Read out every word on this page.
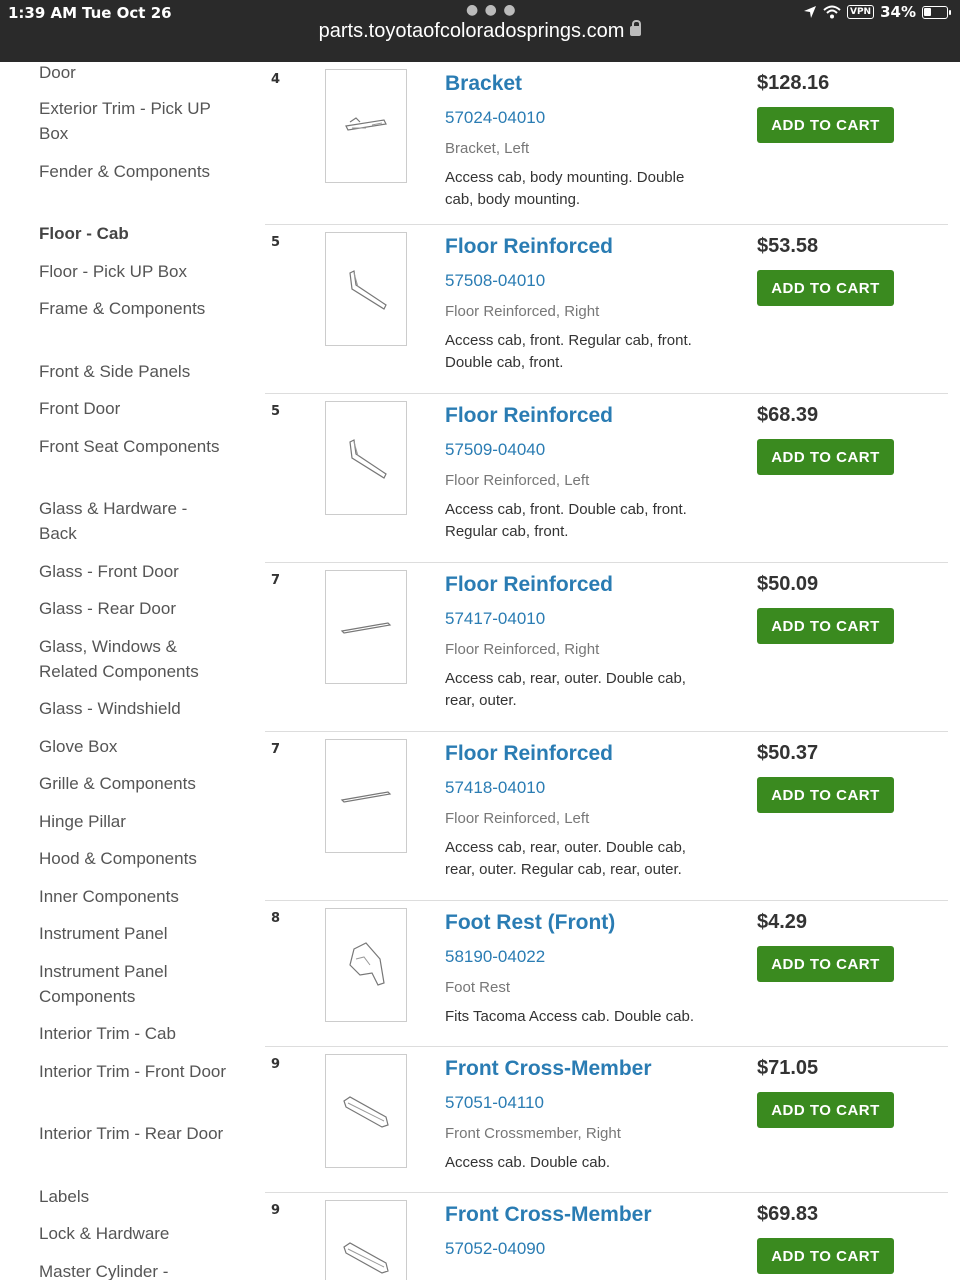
1:39 AM Tue Oct 26	● ● ●	VPN 34%
parts.toyotaofcoloradosprings.com
Door
Exterior Trim - Pick UP Box
Fender & Components
Floor - Cab
Floor - Pick UP Box
Frame & Components
Front & Side Panels
Front Door
Front Seat Components
Glass & Hardware - Back
Glass - Front Door
Glass - Rear Door
Glass, Windows & Related Components
Glass - Windshield
Glove Box
Grille & Components
Hinge Pillar
Hood & Components
Inner Components
Instrument Panel
Instrument Panel Components
Interior Trim - Cab
Interior Trim - Front Door
Interior Trim - Rear Door
Labels
Lock & Hardware
Master Cylinder -
4	Bracket
57024-04010
Bracket, Left
Access cab, body mounting. Double cab, body mounting.
$128.16
ADD TO CART
5	Floor Reinforced
57508-04010
Floor Reinforced, Right
Access cab, front. Regular cab, front. Double cab, front.
$53.58
ADD TO CART
5	Floor Reinforced
57509-04040
Floor Reinforced, Left
Access cab, front. Double cab, front. Regular cab, front.
$68.39
ADD TO CART
7	Floor Reinforced
57417-04010
Floor Reinforced, Right
Access cab, rear, outer. Double cab, rear, outer.
$50.09
ADD TO CART
7	Floor Reinforced
57418-04010
Floor Reinforced, Left
Access cab, rear, outer. Double cab, rear, outer. Regular cab, rear, outer.
$50.37
ADD TO CART
8	Foot Rest (Front)
58190-04022
Foot Rest
Fits Tacoma Access cab. Double cab.
$4.29
ADD TO CART
9	Front Cross-Member
57051-04110
Front Crossmember, Right
Access cab. Double cab.
$71.05
ADD TO CART
9	Front Cross-Member
57052-04090
$69.83
ADD TO CART
